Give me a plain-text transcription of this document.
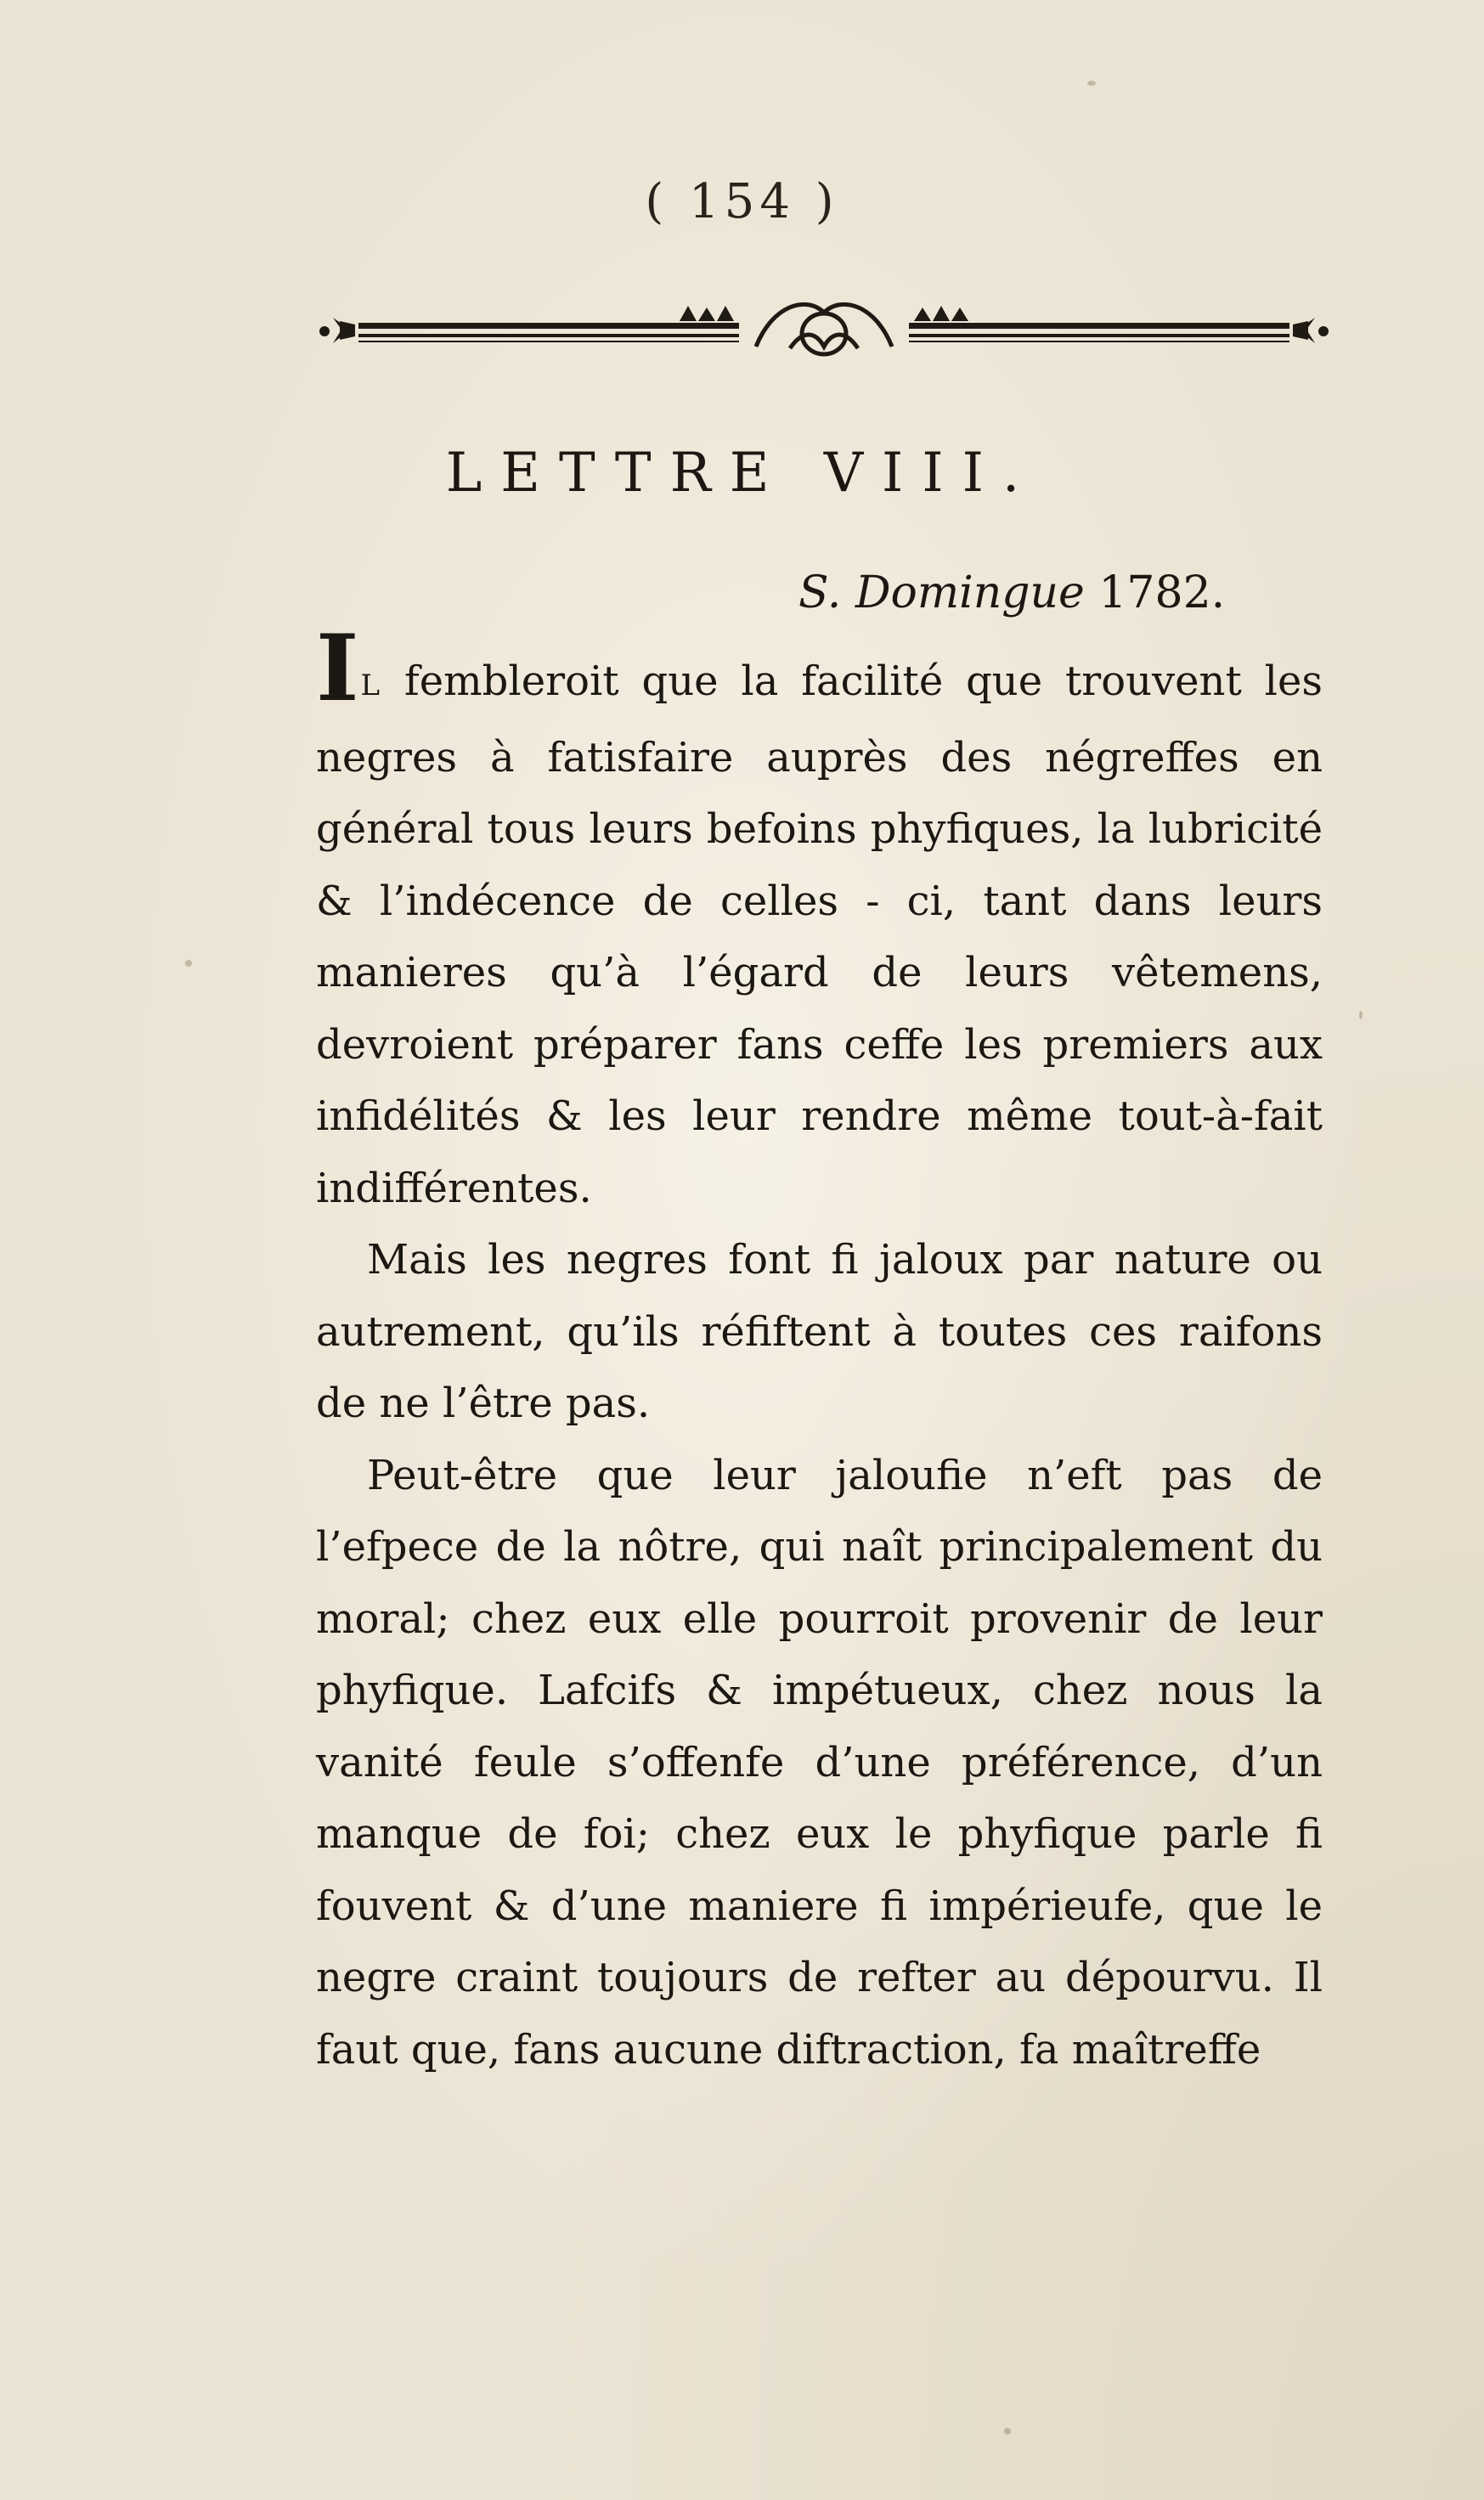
( 154 )
LETTRE VIII.
S. Domingue 1782.

IL fembleroit que la facilité que trouvent les negres à fatisfaire auprès des négreffes en général tous leurs befoins phyfiques, la lubricité & l’indécence de celles - ci, tant dans leurs manieres qu’à l’égard de leurs vêtemens, devroient préparer fans ceffe les premiers aux infidélités & les leur rendre même tout-à-fait indifférentes.

Mais les negres font fi jaloux par nature ou autrement, qu’ils réfiftent à toutes ces raifons de ne l’être pas.

Peut-être que leur jaloufie n’eft pas de l’efpece de la nôtre, qui naît principalement du moral; chez eux elle pourroit provenir de leur phyfique. Lafcifs & impétueux, chez nous la vanité feule s’offenfe d’une préférence, d’un manque de foi; chez eux le phyfique parle fi fouvent & d’une maniere fi impérieufe, que le negre craint toujours de refter au dépourvu. Il faut que, fans aucune diftraction, fa maîtreffe
